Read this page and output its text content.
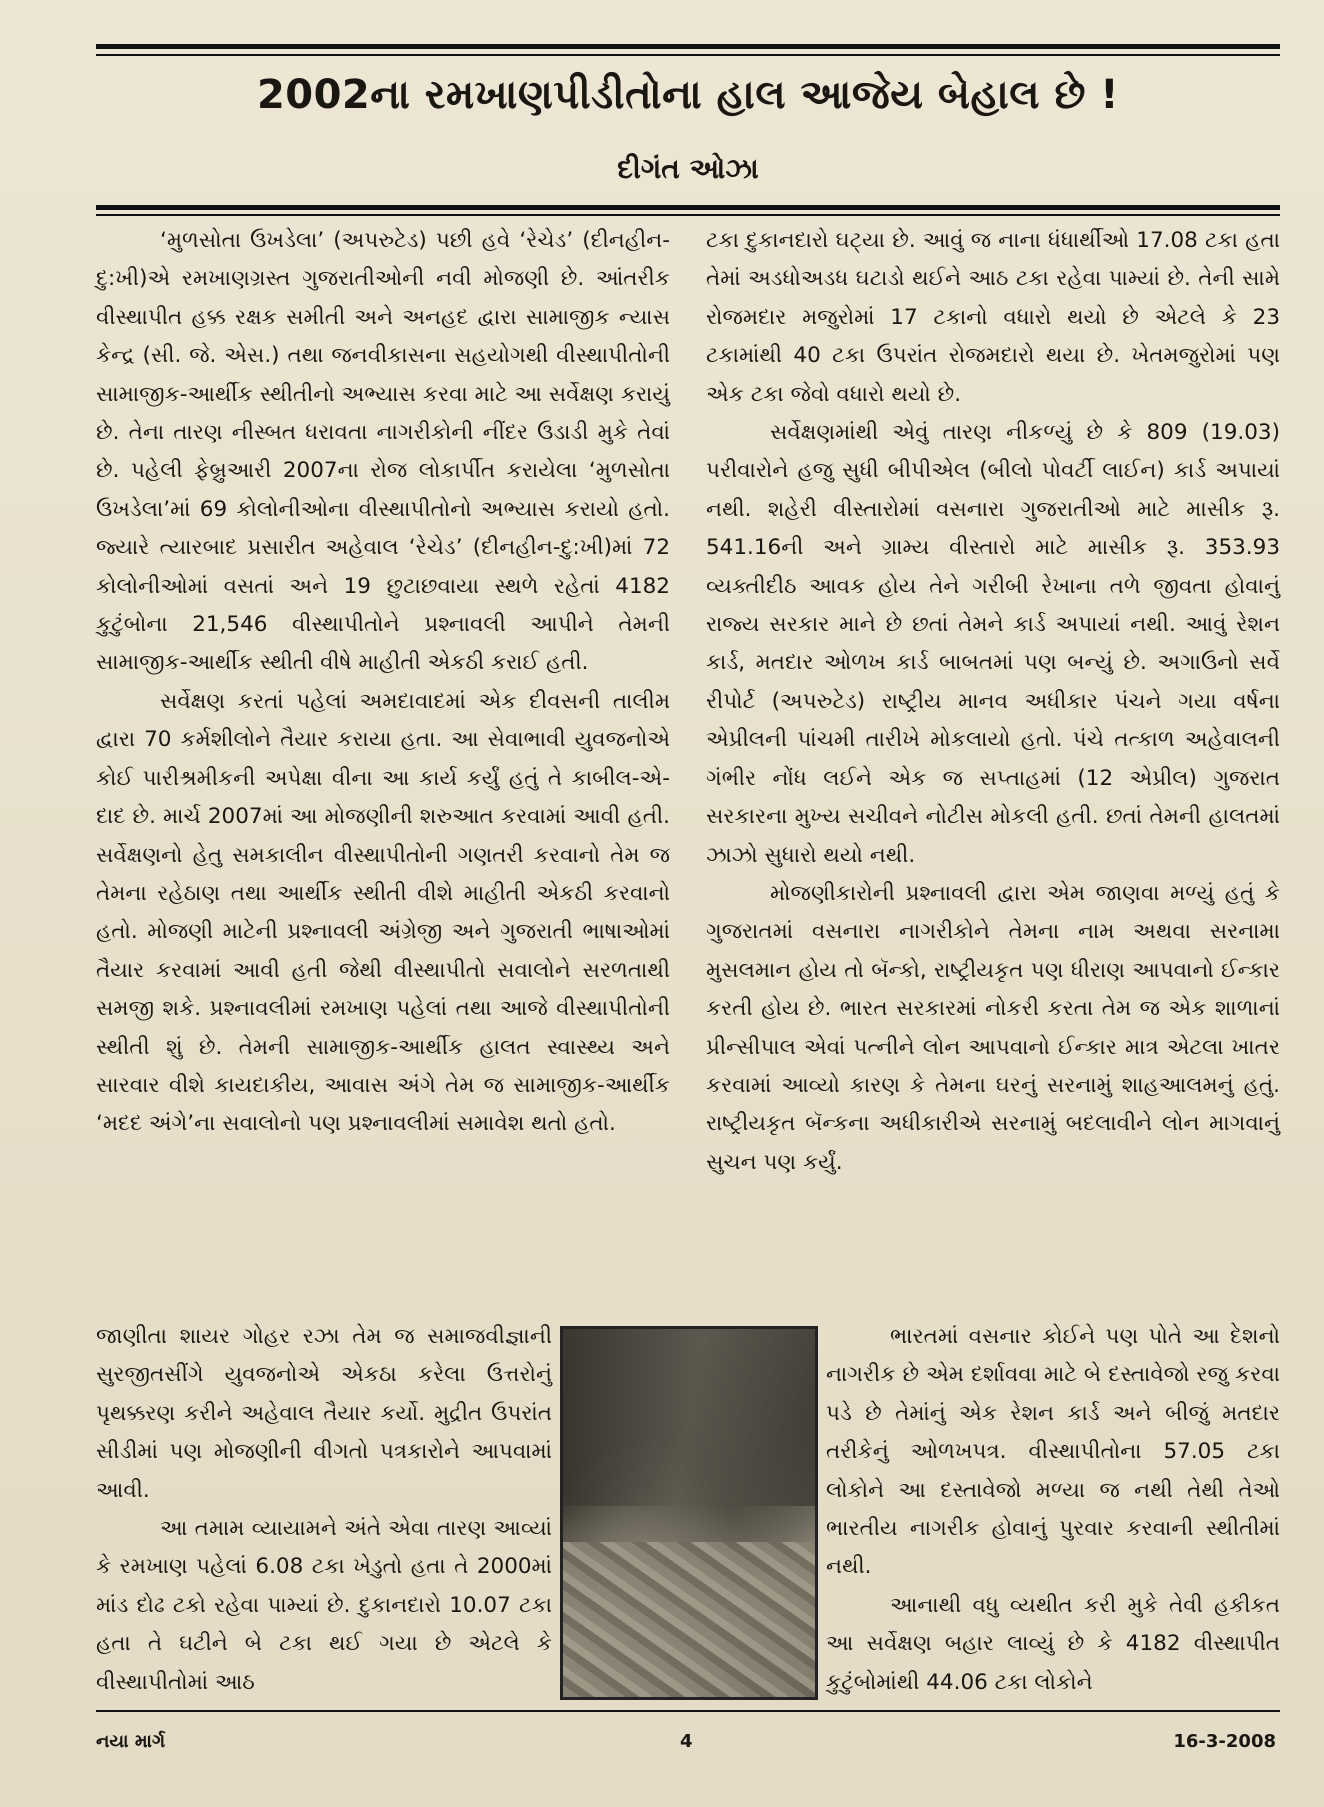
2002ના રમખાણપીડીતોના હાલ આજેય બેહાલ છે !
દીગંત ઓઝા

‘મુળસોતા ઉખડેલા’ (અપરુટેડ) પછી હવે ‘રેચેડ’ (દીનહીન-દુ:ખી)એ રમખાણગ્રસ્ત ગુજરાતીઓની નવી મોજણી છે. આંતરીક વીસ્થાપીત હક્ક રક્ષક સમીતી અને અનહદ દ્વારા સામાજીક ન્યાસ કેન્દ્ર (સી. જે. એસ.) તથા જનવીકાસના સહયોગથી વીસ્થાપીતોની સામાજીક-આર્થીક સ્થીતીનો અભ્યાસ કરવા માટે આ સર્વેક્ષણ કરાયું છે. તેના તારણ નીસ્બત ધરાવતા નાગરીકોની નીંદર ઉડાડી મુકે તેવાં છે. પહેલી ફેબ્રુઆરી 2007ના રોજ લોકાર્પીત કરાયેલા ‘મુળસોતા ઉખડેલા’માં 69 કોલોનીઓના વીસ્થાપીતોનો અભ્યાસ કરાયો હતો. જ્યારે ત્યારબાદ પ્રસારીત અહેવાલ ‘રેચેડ’ (દીનહીન-દુ:ખી)માં 72 કોલોનીઓમાં વસતાં અને 19 છુટાછવાયા સ્થળે રહેતાં 4182 કુટુંબોના 21,546 વીસ્થાપીતોને પ્રશ્નાવલી આપીને તેમની સામાજીક-આર્થીક સ્થીતી વીષે માહીતી એકઠી કરાઈ હતી.

સર્વેક્ષણ કરતાં પહેલાં અમદાવાદમાં એક દીવસની તાલીમ દ્વારા 70 કર્મશીલોને તૈયાર કરાયા હતા. આ સેવાભાવી યુવજનોએ કોઈ પારીશ્રમીકની અપેક્ષા વીના આ કાર્ય કર્યું હતું તે કાબીલ-એ-દાદ છે. માર્ચ 2007માં આ મોજણીની શરુઆત કરવામાં આવી હતી. સર્વેક્ષણનો હેતુ સમકાલીન વીસ્થાપીતોની ગણતરી કરવાનો તેમ જ તેમના રહેઠાણ તથા આર્થીક સ્થીતી વીશે માહીતી એકઠી કરવાનો હતો. મોજણી માટેની પ્રશ્નાવલી અંગ્રેજી અને ગુજરાતી ભાષાઓમાં તૈયાર કરવામાં આવી હતી જેથી વીસ્થાપીતો સવાલોને સરળતાથી સમજી શકે. પ્રશ્નાવલીમાં રમખાણ પહેલાં તથા આજે વીસ્થાપીતોની સ્થીતી શું છે. તેમની સામાજીક-આર્થીક હાલત સ્વાસ્થ્ય અને સારવાર વીશે કાયદાકીય, આવાસ અંગે તેમ જ સામાજીક-આર્થીક ‘મદદ અંગે’ના સવાલોનો પણ પ્રશ્નાવલીમાં સમાવેશ થતો હતો.

જાણીતા શાયર ગોહર રઝા તેમ જ સમાજવીજ્ઞાની સુરજીતસીંગે યુવજનોએ એકઠા કરેલા ઉત્તરોનું પૃથક્કરણ કરીને અહેવાલ તૈયાર કર્યો. મુદ્રીત ઉપરાંત સીડીમાં પણ મોજણીની વીગતો પત્રકારોને આપવામાં આવી.

આ તમામ વ્યાયામને અંતે એવા તારણ આવ્યાં કે રમખાણ પહેલાં 6.08 ટકા ખેડુતો હતા તે 2000માં માંડ દોઢ ટકો રહેવા પામ્યાં છે. દુકાનદારો 10.07 ટકા હતા તે ઘટીને બે ટકા થઈ ગયા છે એટલે કે વીસ્થાપીતોમાં આઠ

ટકા દુકાનદારો ઘટ્યા છે. આવું જ નાના ધંધાર્થીઓ 17.08 ટકા હતા તેમાં અડધોઅડધ ઘટાડો થઈને આઠ ટકા રહેવા પામ્યાં છે. તેની સામે રોજમદાર મજુરોમાં 17 ટકાનો વધારો થયો છે એટલે કે 23 ટકામાંથી 40 ટકા ઉપરાંત રોજમદારો થયા છે. ખેતમજુરોમાં પણ એક ટકા જેવો વધારો થયો છે.

સર્વેક્ષણમાંથી એવું તારણ નીકળ્યું છે કે 809 (19.03) પરીવારોને હજુ સુધી બીપીએલ (બીલો પોવર્ટી લાઈન) કાર્ડ અપાયાં નથી. શહેરી વીસ્તારોમાં વસનારા ગુજરાતીઓ માટે માસીક રૂ. 541.16ની અને ગ્રામ્ય વીસ્તારો માટે માસીક રૂ. 353.93 વ્યક્તીદીઠ આવક હોય તેને ગરીબી રેખાના તળે જીવતા હોવાનું રાજ્ય સરકાર માને છે છતાં તેમને કાર્ડ અપાયાં નથી. આવું રેશન કાર્ડ, મતદાર ઓળખ કાર્ડ બાબતમાં પણ બન્યું છે. અગાઉનો સર્વે રીપોર્ટ (અપરુટેડ) રાષ્ટ્રીય માનવ અધીકાર પંચને ગયા વર્ષના એપ્રીલની પાંચમી તારીખે મોકલાયો હતો. પંચે તત્કાળ અહેવાલની ગંભીર નોંધ લઈને એક જ સપ્તાહમાં (12 એપ્રીલ) ગુજરાત સરકારના મુખ્ય સચીવને નોટીસ મોકલી હતી. છતાં તેમની હાલતમાં ઝાઝો સુધારો થયો નથી.

મોજણીકારોની પ્રશ્નાવલી દ્વારા એમ જાણવા મળ્યું હતું કે ગુજરાતમાં વસનારા નાગરીકોને તેમના નામ અથવા સરનામા મુસલમાન હોય તો બૅન્કો, રાષ્ટ્રીયકૃત પણ ધીરાણ આપવાનો ઈન્કાર કરતી હોય છે. ભારત સરકારમાં નોકરી કરતા તેમ જ એક શાળાનાં પ્રીન્સીપાલ એવાં પત્નીને લોન આપવાનો ઈન્કાર માત્ર એટલા ખાતર કરવામાં આવ્યો કારણ કે તેમના ઘરનું સરનામું શાહઆલમનું હતું. રાષ્ટ્રીયકૃત બૅન્કના અધીકારીએ સરનામું બદલાવીને લોન માગવાનું સુચન પણ કર્યું.

ભારતમાં વસનાર કોઈને પણ પોતે આ દેશનો નાગરીક છે એમ દર્શાવવા માટે બે દસ્તાવેજો રજુ કરવા પડે છે તેમાંનું એક રેશન કાર્ડ અને બીજું મતદાર તરીકેનું ઓળખપત્ર. વીસ્થાપીતોના 57.05 ટકા લોકોને આ દસ્તાવેજો મળ્યા જ નથી તેથી તેઓ ભારતીય નાગરીક હોવાનું પુરવાર કરવાની સ્થીતીમાં નથી.

આનાથી વધુ વ્યથીત કરી મુકે તેવી હકીકત આ સર્વેક્ષણ બહાર લાવ્યું છે કે 4182 વીસ્થાપીત કુટુંબોમાંથી 44.06 ટકા લોકોને

નયા માર્ગ	4	16-3-2008
